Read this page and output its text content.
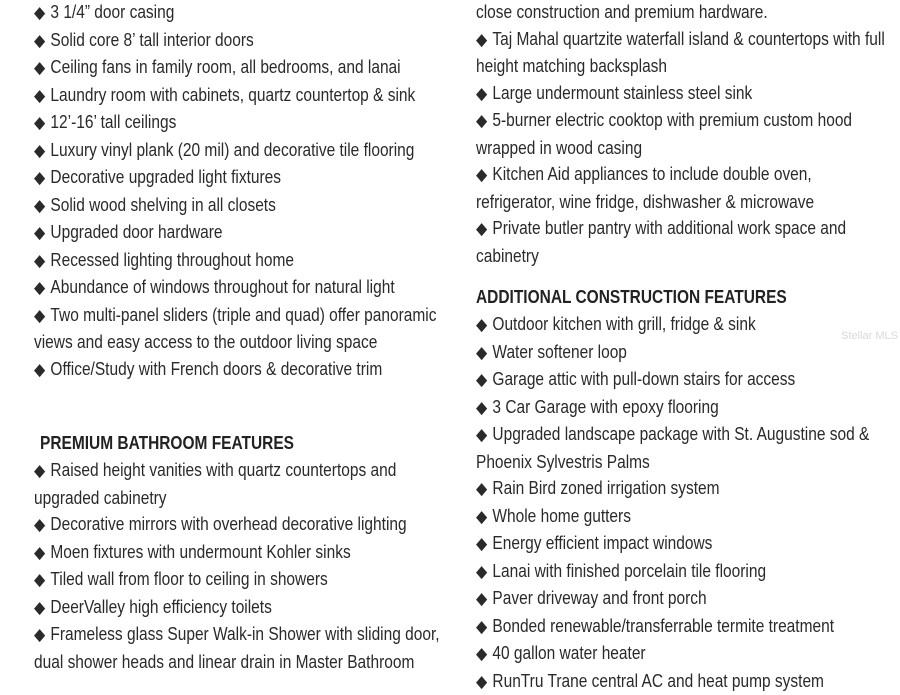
◆ 3 1/4” door casing
◆ Solid core 8’ tall interior doors
◆ Ceiling fans in family room, all bedrooms, and lanai
◆ Laundry room with cabinets, quartz countertop & sink
◆ 12’-16’ tall ceilings
◆ Luxury vinyl plank (20 mil) and decorative tile flooring
◆ Decorative upgraded light fixtures
◆ Solid wood shelving in all closets
◆ Upgraded door hardware
◆ Recessed lighting throughout home
◆ Abundance of windows throughout for natural light
◆ Two multi-panel sliders (triple and quad) offer panoramic views and easy access to the outdoor living space
◆ Office/Study with French doors & decorative trim
PREMIUM BATHROOM FEATURES
◆ Raised height vanities with quartz countertops and upgraded cabinetry
◆ Decorative mirrors with overhead decorative lighting
◆ Moen fixtures with undermount Kohler sinks
◆ Tiled wall from floor to ceiling in showers
◆ DeerValley high efficiency toilets
◆ Frameless glass Super Walk-in Shower with sliding door, dual shower heads and linear drain in Master Bathroom
close construction and premium hardware.
◆ Taj Mahal quartzite waterfall island & countertops with full height matching backsplash
◆ Large undermount stainless steel sink
◆ 5-burner electric cooktop with premium custom hood wrapped in wood casing
◆ Kitchen Aid appliances to include double oven, refrigerator, wine fridge, dishwasher & microwave
◆ Private butler pantry with additional work space and cabinetry
ADDITIONAL CONSTRUCTION FEATURES
◆ Outdoor kitchen with grill, fridge & sink
◆ Water softener loop
◆ Garage attic with pull-down stairs for access
◆ 3 Car Garage with epoxy flooring
◆ Upgraded landscape package with St. Augustine sod & Phoenix Sylvestris Palms
◆ Rain Bird zoned irrigation system
◆ Whole home gutters
◆ Energy efficient impact windows
◆ Lanai with finished porcelain tile flooring
◆ Paver driveway and front porch
◆ Bonded renewable/transferrable termite treatment
◆ 40 gallon water heater
◆ RunTru Trane central AC and heat pump system
Stellar MLS
